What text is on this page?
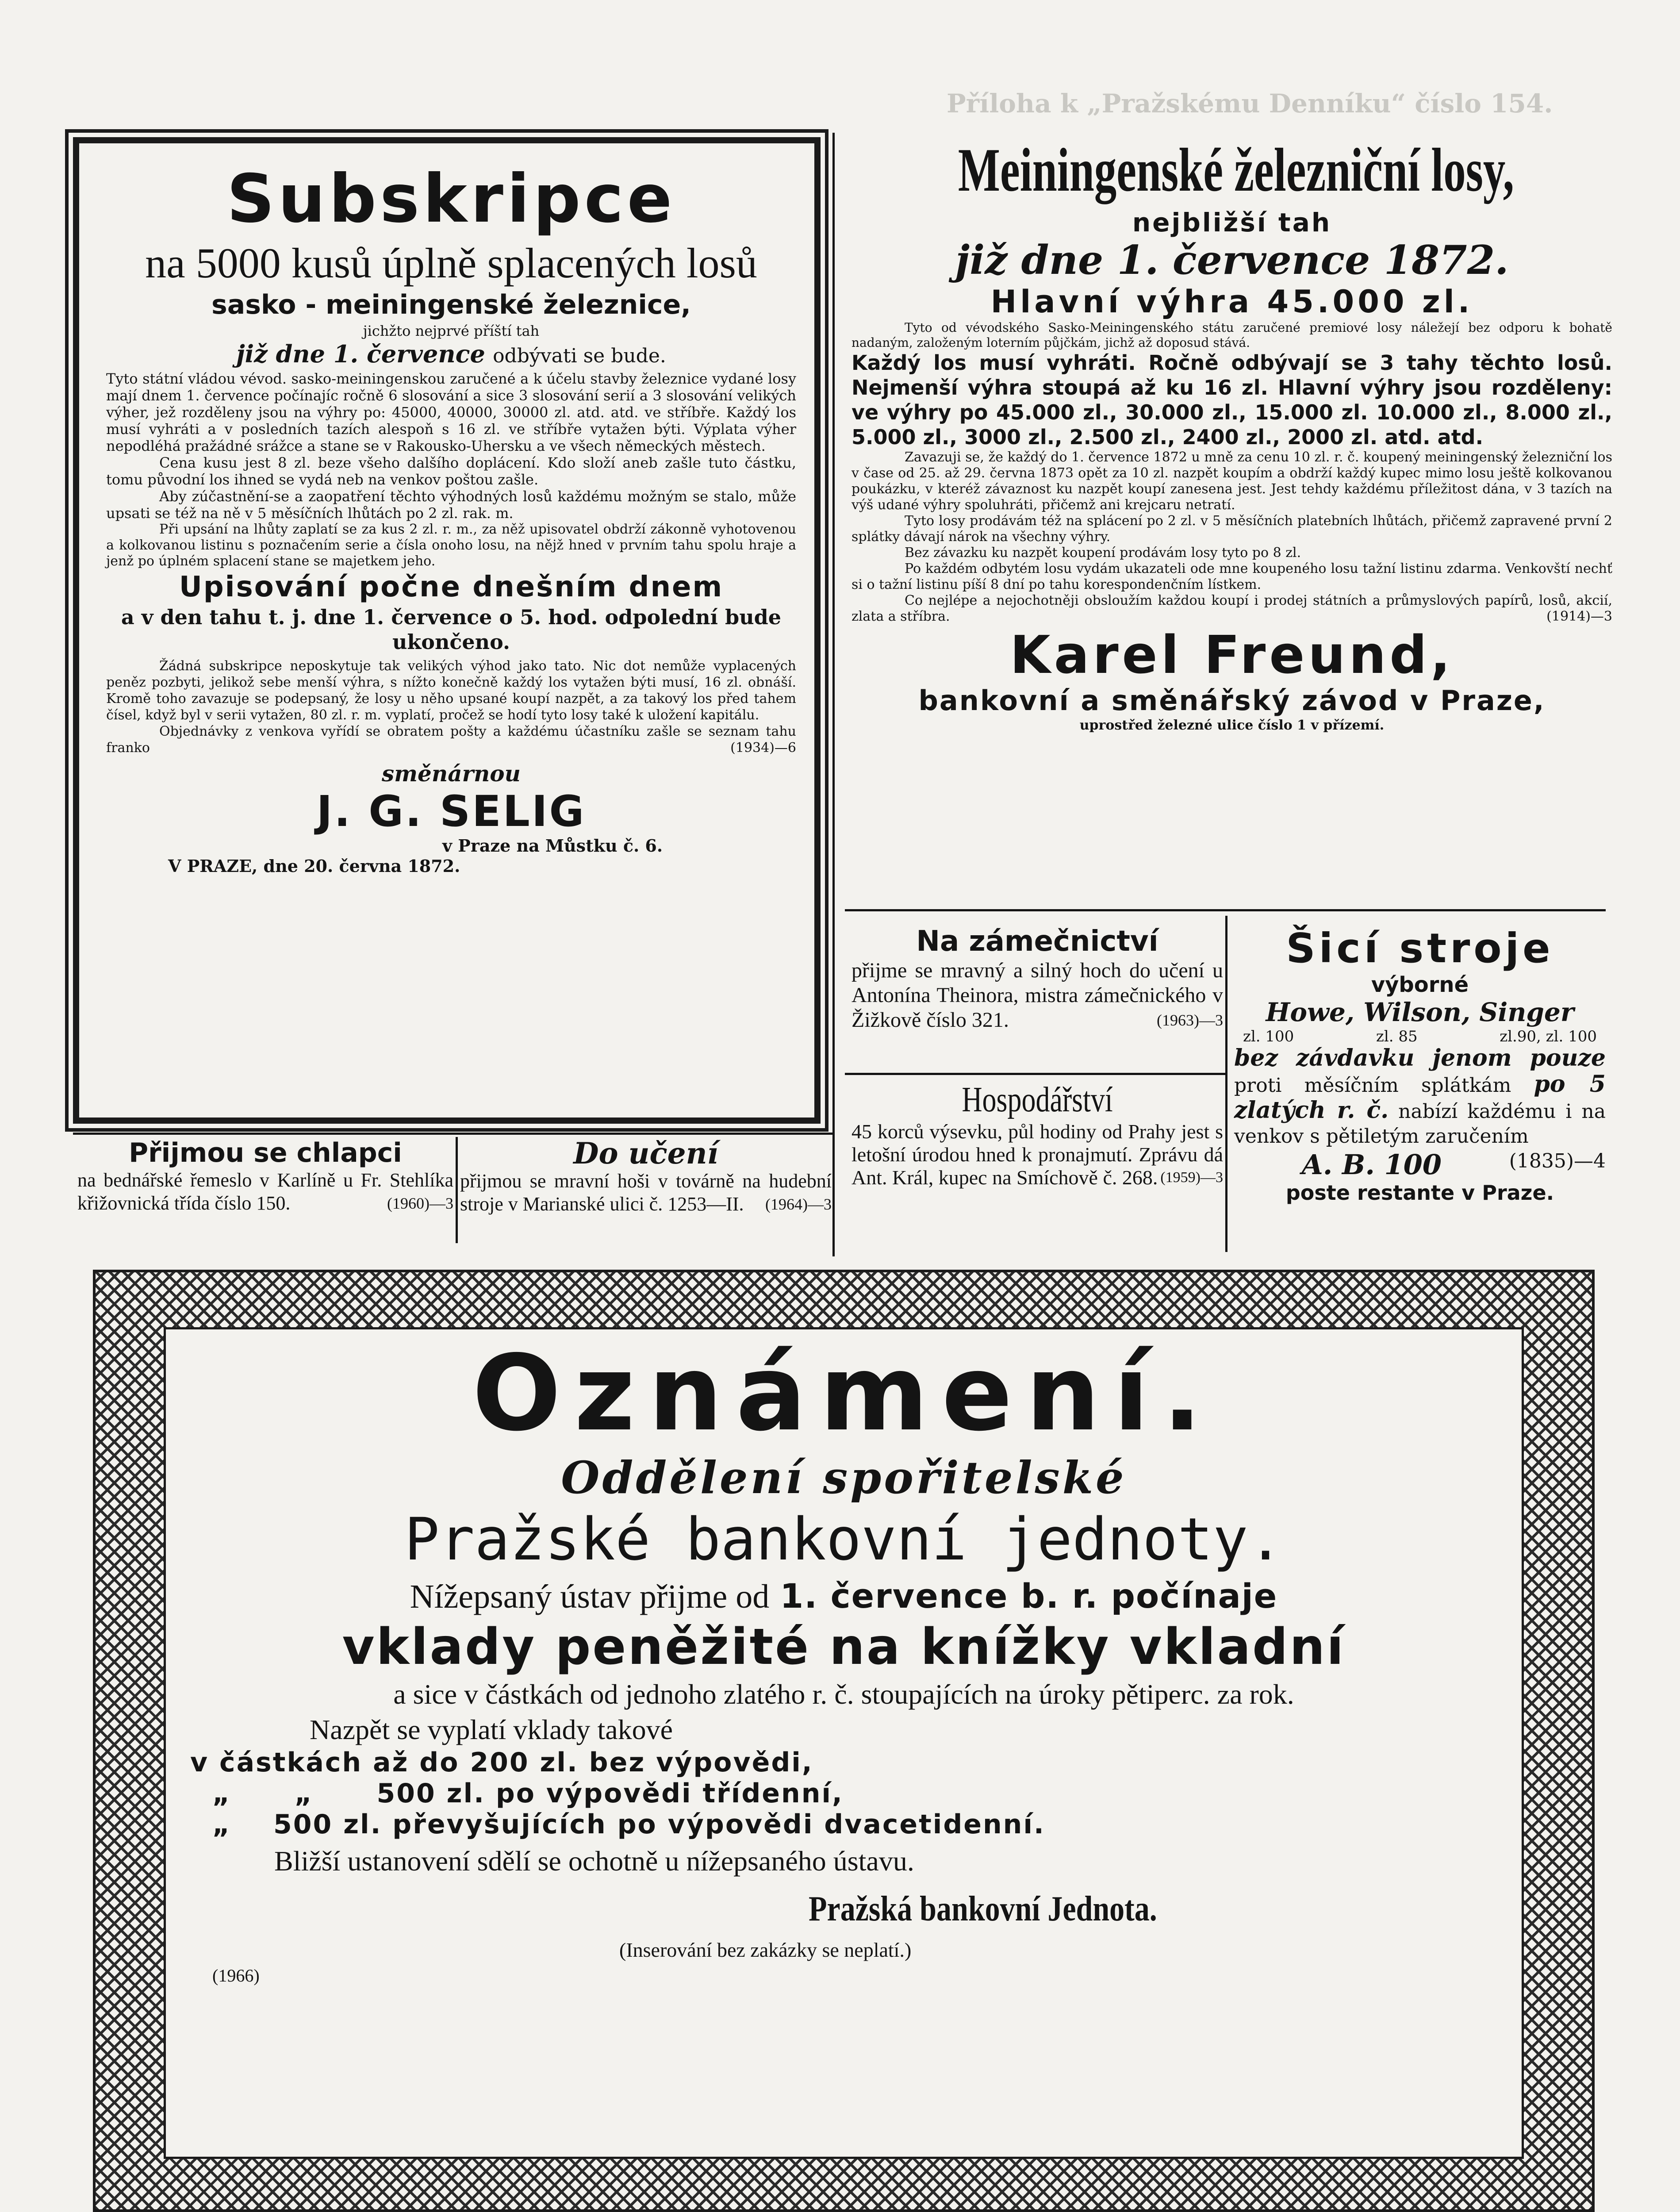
Příloha k „Pražskému Denníku“ číslo 154.
Subskripce
na 5000 kusů úplně splacených losů
sasko - meiningenské železnice,
jichžto nejprvé příští tah
již dne 1. července odbývati se bude.

Tyto státní vládou vévod. sasko-meiningenskou zaručené a k účelu stavby železnice vydané losy mají dnem 1. července počínajíc ročně 6 slosování a sice 3 slosování serií a 3 slosování velikých výher, jež rozděleny jsou na výhry po: 45000, 40000, 30000 zl. atd. atd. ve stříbře. Každý los musí vyhráti a v posledních tazích alespoň s 16 zl. ve stříbře vytažen býti. Výplata výher nepodléhá pražádné srážce a stane se v Rakousko-Uhersku a ve všech německých městech.

Cena kusu jest 8 zl. beze všeho dalšího doplácení. Kdo složí aneb zašle tuto částku, tomu původní los ihned se vydá neb na venkov poštou zašle.

Aby zúčastnění-se a zaopatření těchto výhodných losů každému možným se stalo, může upsati se též na ně v 5 měsíčních lhůtách po 2 zl. rak. m.

Při upsání na lhůty zaplatí se za kus 2 zl. r. m., za něž upisovatel obdrží zákonně vyhotovenou a kolkovanou listinu s poznačením serie a čísla onoho losu, na nějž hned v prvním tahu spolu hraje a jenž po úplném splacení stane se majetkem jeho.

Upisování počne dnešním dnem
a v den tahu t. j. dne 1. července o 5. hod. odpolední bude ukončeno.

Žádná subskripce neposkytuje tak velikých výhod jako tato. Nic dot nemůže vyplacených peněz pozbyti, jelikož sebe menší výhra, s nížto konečně každý los vytažen býti musí, 16 zl. obnáší. Kromě toho zavazuje se podepsaný, že losy u něho upsané koupí nazpět, a za takový los před tahem čísel, když byl v serii vytažen, 80 zl. r. m. vyplatí, pročež se hodí tyto losy také k uložení kapitálu.

Objednávky z venkova vyřídí se obratem pošty a každému účastníku zašle se seznam tahu franko	(1934)—6

směnárnou
J. G. SELIG
v Praze na Můstku č. 6.
V PRAZE, dne 20. června 1872.
Meiningenské železniční losy,
nejbližší tah
již dne 1. července 1872.
Hlavní výhra 45.000 zl.

Tyto od vévodského Sasko-Meiningenského státu zaručené premiové losy náležejí bez odporu k bohatě nadaným, založeným loterním půjčkám, jichž až doposud stává.

Každý los musí vyhráti. Ročně odbývají se 3 tahy těchto losů. Nejmenší výhra stoupá až ku 16 zl. Hlavní výhry jsou rozděleny: ve výhry po 45.000 zl., 30.000 zl., 15.000 zl. 10.000 zl., 8.000 zl., 5.000 zl., 3000 zl., 2.500 zl., 2400 zl., 2000 zl. atd. atd.

Zavazuji se, že každý do 1. července 1872 u mně za cenu 10 zl. r. č. koupený meiningenský železniční los v čase od 25. až 29. června 1873 opět za 10 zl. nazpět koupím a obdrží každý kupec mimo losu ještě kolkovanou poukázku, v kteréž závaznost ku nazpět koupí zanesena jest. Jest tehdy každému příležitost dána, v 3 tazích na výš udané výhry spoluhráti, přičemž ani krejcaru netratí.

Tyto losy prodávám též na splácení po 2 zl. v 5 měsíčních platebních lhůtách, přičemž zapravené první 2 splátky dávají nárok na všechny výhry.

Bez závazku ku nazpět koupení prodávám losy tyto po 8 zl.

Po každém odbytém losu vydám ukazateli ode mne koupeného losu tažní listinu zdarma. Venkovští nechť si o tažní listinu píší 8 dní po tahu korespondenčním lístkem.

Co nejlépe a nejochotněji obsloužím každou koupí i prodej státních a průmyslových papírů, losů, akcií, zlata a stříbra.	(1914)—3

Karel Freund,
bankovní a směnářský závod v Praze,
uprostřed železné ulice číslo 1 v přízemí.
Na zámečnictví

přijme se mravný a silný hoch do učení u Antonína Theinora, mistra zámečnického v Žižkově číslo 321.	(1963)—3

Šicí stroje
výborné
Howe, Wilson, Singer
zl. 100	zl. 85	zl.90, zl. 100

bez závdavku jenom pouze proti měsíčním splátkám po 5 zlatých r. č. nabízí každému i na venkov s pětiletým zaručením
(1835)—4

A. B. 100
poste restante v Praze.
Hospodářství

45 korců výsevku, půl hodiny od Prahy jest s letošní úrodou hned k pronajmutí. Zprávu dá Ant. Král, kupec na Smíchově č. 268. (1959)—3

Přijmou se chlapci

na bednářské řemeslo v Karlíně u Fr. Stehlíka křižovnická třída číslo 150.	(1960)—3

Do učení

přijmou se mravní hoši v továrně na hudební stroje v Marianské ulici č. 1253—II. (1964)—3

Oznámení.
Oddělení spořitelské
Pražské bankovní jednoty.
Nížepsaný ústav přijme od 1. července b. r. počínaje
vklady peněžité na knížky vkladní
a sice v částkách od jednoho zlatého r. č. stoupajících na úroky pětiperc. za rok.
Nazpět se vyplatí vklady takové
v částkách až do 200 zl. bez výpovědi,
„      „      500 zl. po výpovědi třídenní,
„    500 zl. převyšujících po výpovědi dvacetidenní.
Bližší ustanovení sdělí se ochotně u nížepsaného ústavu.
Pražská bankovní Jednota.
(Inserování bez zakázky se neplatí.)
(1966)
